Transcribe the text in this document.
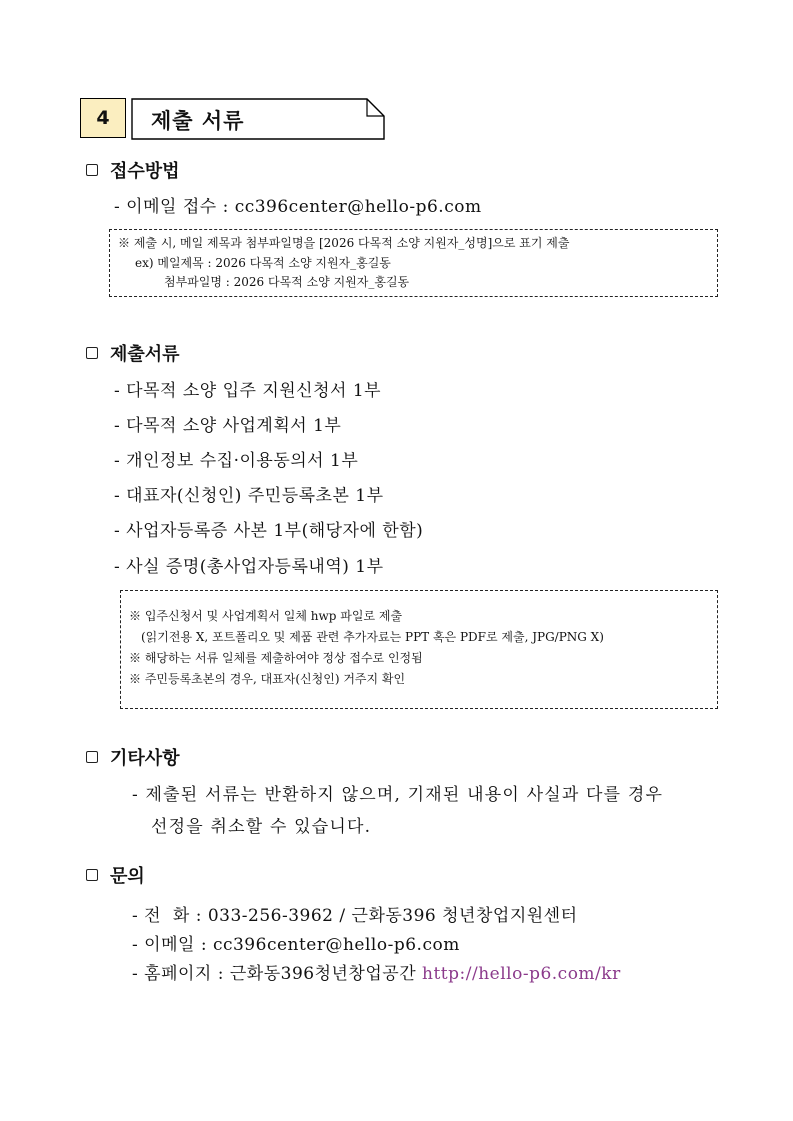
4	제출 서류
접수방법
- 이메일 접수 : cc396center@hello-p6.com
※ 제출 시, 메일 제목과 첨부파일명을 [2026 다목적 소양 지원자_성명]으로 표기 제출
ex) 메일제목 : 2026 다목적 소양 지원자_홍길동
첨부파일명 : 2026 다목적 소양 지원자_홍길동
제출서류
- 다목적 소양 입주 지원신청서 1부
- 다목적 소양 사업계획서 1부
- 개인정보 수집·이용동의서 1부
- 대표자(신청인) 주민등록초본 1부
- 사업자등록증 사본 1부(해당자에 한함)
- 사실 증명(총사업자등록내역) 1부
※ 입주신청서 및 사업계획서 일체 hwp 파일로 제출
(읽기전용 X, 포트폴리오 및 제품 관련 추가자료는 PPT 혹은 PDF로 제출, JPG/PNG X)
※ 해당하는 서류 일체를 제출하여야 정상 접수로 인정됨
※ 주민등록초본의 경우, 대표자(신청인) 거주지 확인
기타사항
- 제출된 서류는 반환하지 않으며, 기재된 내용이 사실과 다를 경우
선정을 취소할 수 있습니다.
문의
- 전  화 : 033-256-3962 / 근화동396 청년창업지원센터
- 이메일 : cc396center@hello-p6.com
- 홈페이지 : 근화동396청년창업공간 http://hello-p6.com/kr
